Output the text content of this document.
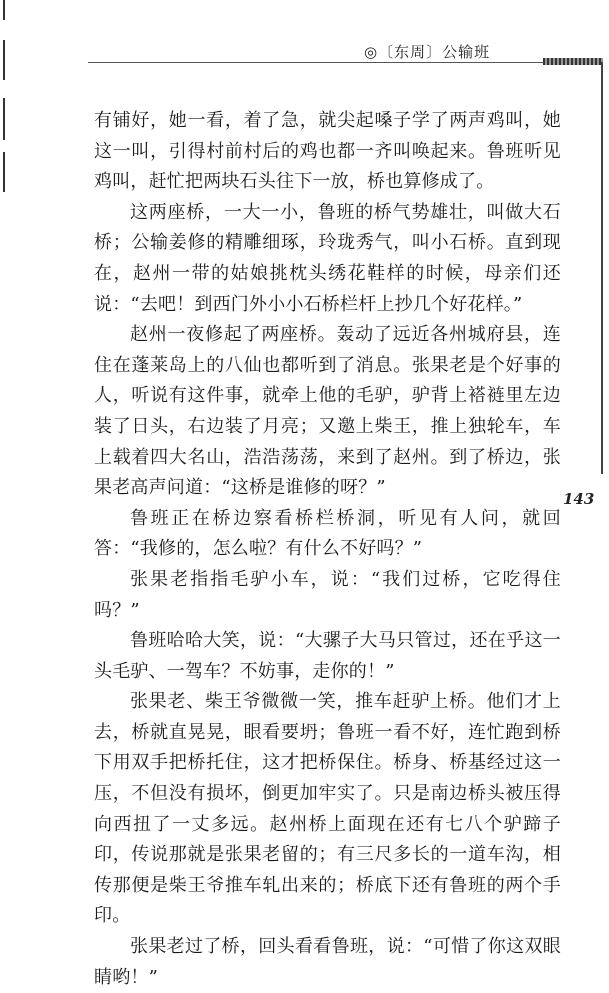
◎〔东周〕公输班
143

有铺好，她一看，着了急，就尖起嗓子学了两声鸡叫，她这一叫，引得村前村后的鸡也都一齐叫唤起来。鲁班听见鸡叫，赶忙把两块石头往下一放，桥也算修成了。

这两座桥，一大一小，鲁班的桥气势雄壮，叫做大石桥；公输姜修的精雕细琢，玲珑秀气，叫小石桥。直到现在，赵州一带的姑娘挑枕头绣花鞋样的时候，母亲们还说：“去吧！到西门外小小石桥栏杆上抄几个好花样。”

赵州一夜修起了两座桥。轰动了远近各州城府县，连住在蓬莱岛上的八仙也都听到了消息。张果老是个好事的人，听说有这件事，就牵上他的毛驴，驴背上褡裢里左边装了日头，右边装了月亮；又邀上柴王，推上独轮车，车上载着四大名山，浩浩荡荡，来到了赵州。到了桥边，张果老高声问道：“这桥是谁修的呀？”

鲁班正在桥边察看桥栏桥洞，听见有人问，就回答：“我修的，怎么啦？有什么不好吗？”

张果老指指毛驴小车，说：“我们过桥，它吃得住吗？”

鲁班哈哈大笑，说：“大骡子大马只管过，还在乎这一头毛驴、一驾车？不妨事，走你的！”

张果老、柴王爷微微一笑，推车赶驴上桥。他们才上去，桥就直晃晃，眼看要坍；鲁班一看不好，连忙跑到桥下用双手把桥托住，这才把桥保住。桥身、桥基经过这一压，不但没有损坏，倒更加牢实了。只是南边桥头被压得向西扭了一丈多远。赵州桥上面现在还有七八个驴蹄子印，传说那就是张果老留的；有三尺多长的一道车沟，相传那便是柴王爷推车轧出来的；桥底下还有鲁班的两个手印。

张果老过了桥，回头看看鲁班，说：“可惜了你这双眼睛哟！”
